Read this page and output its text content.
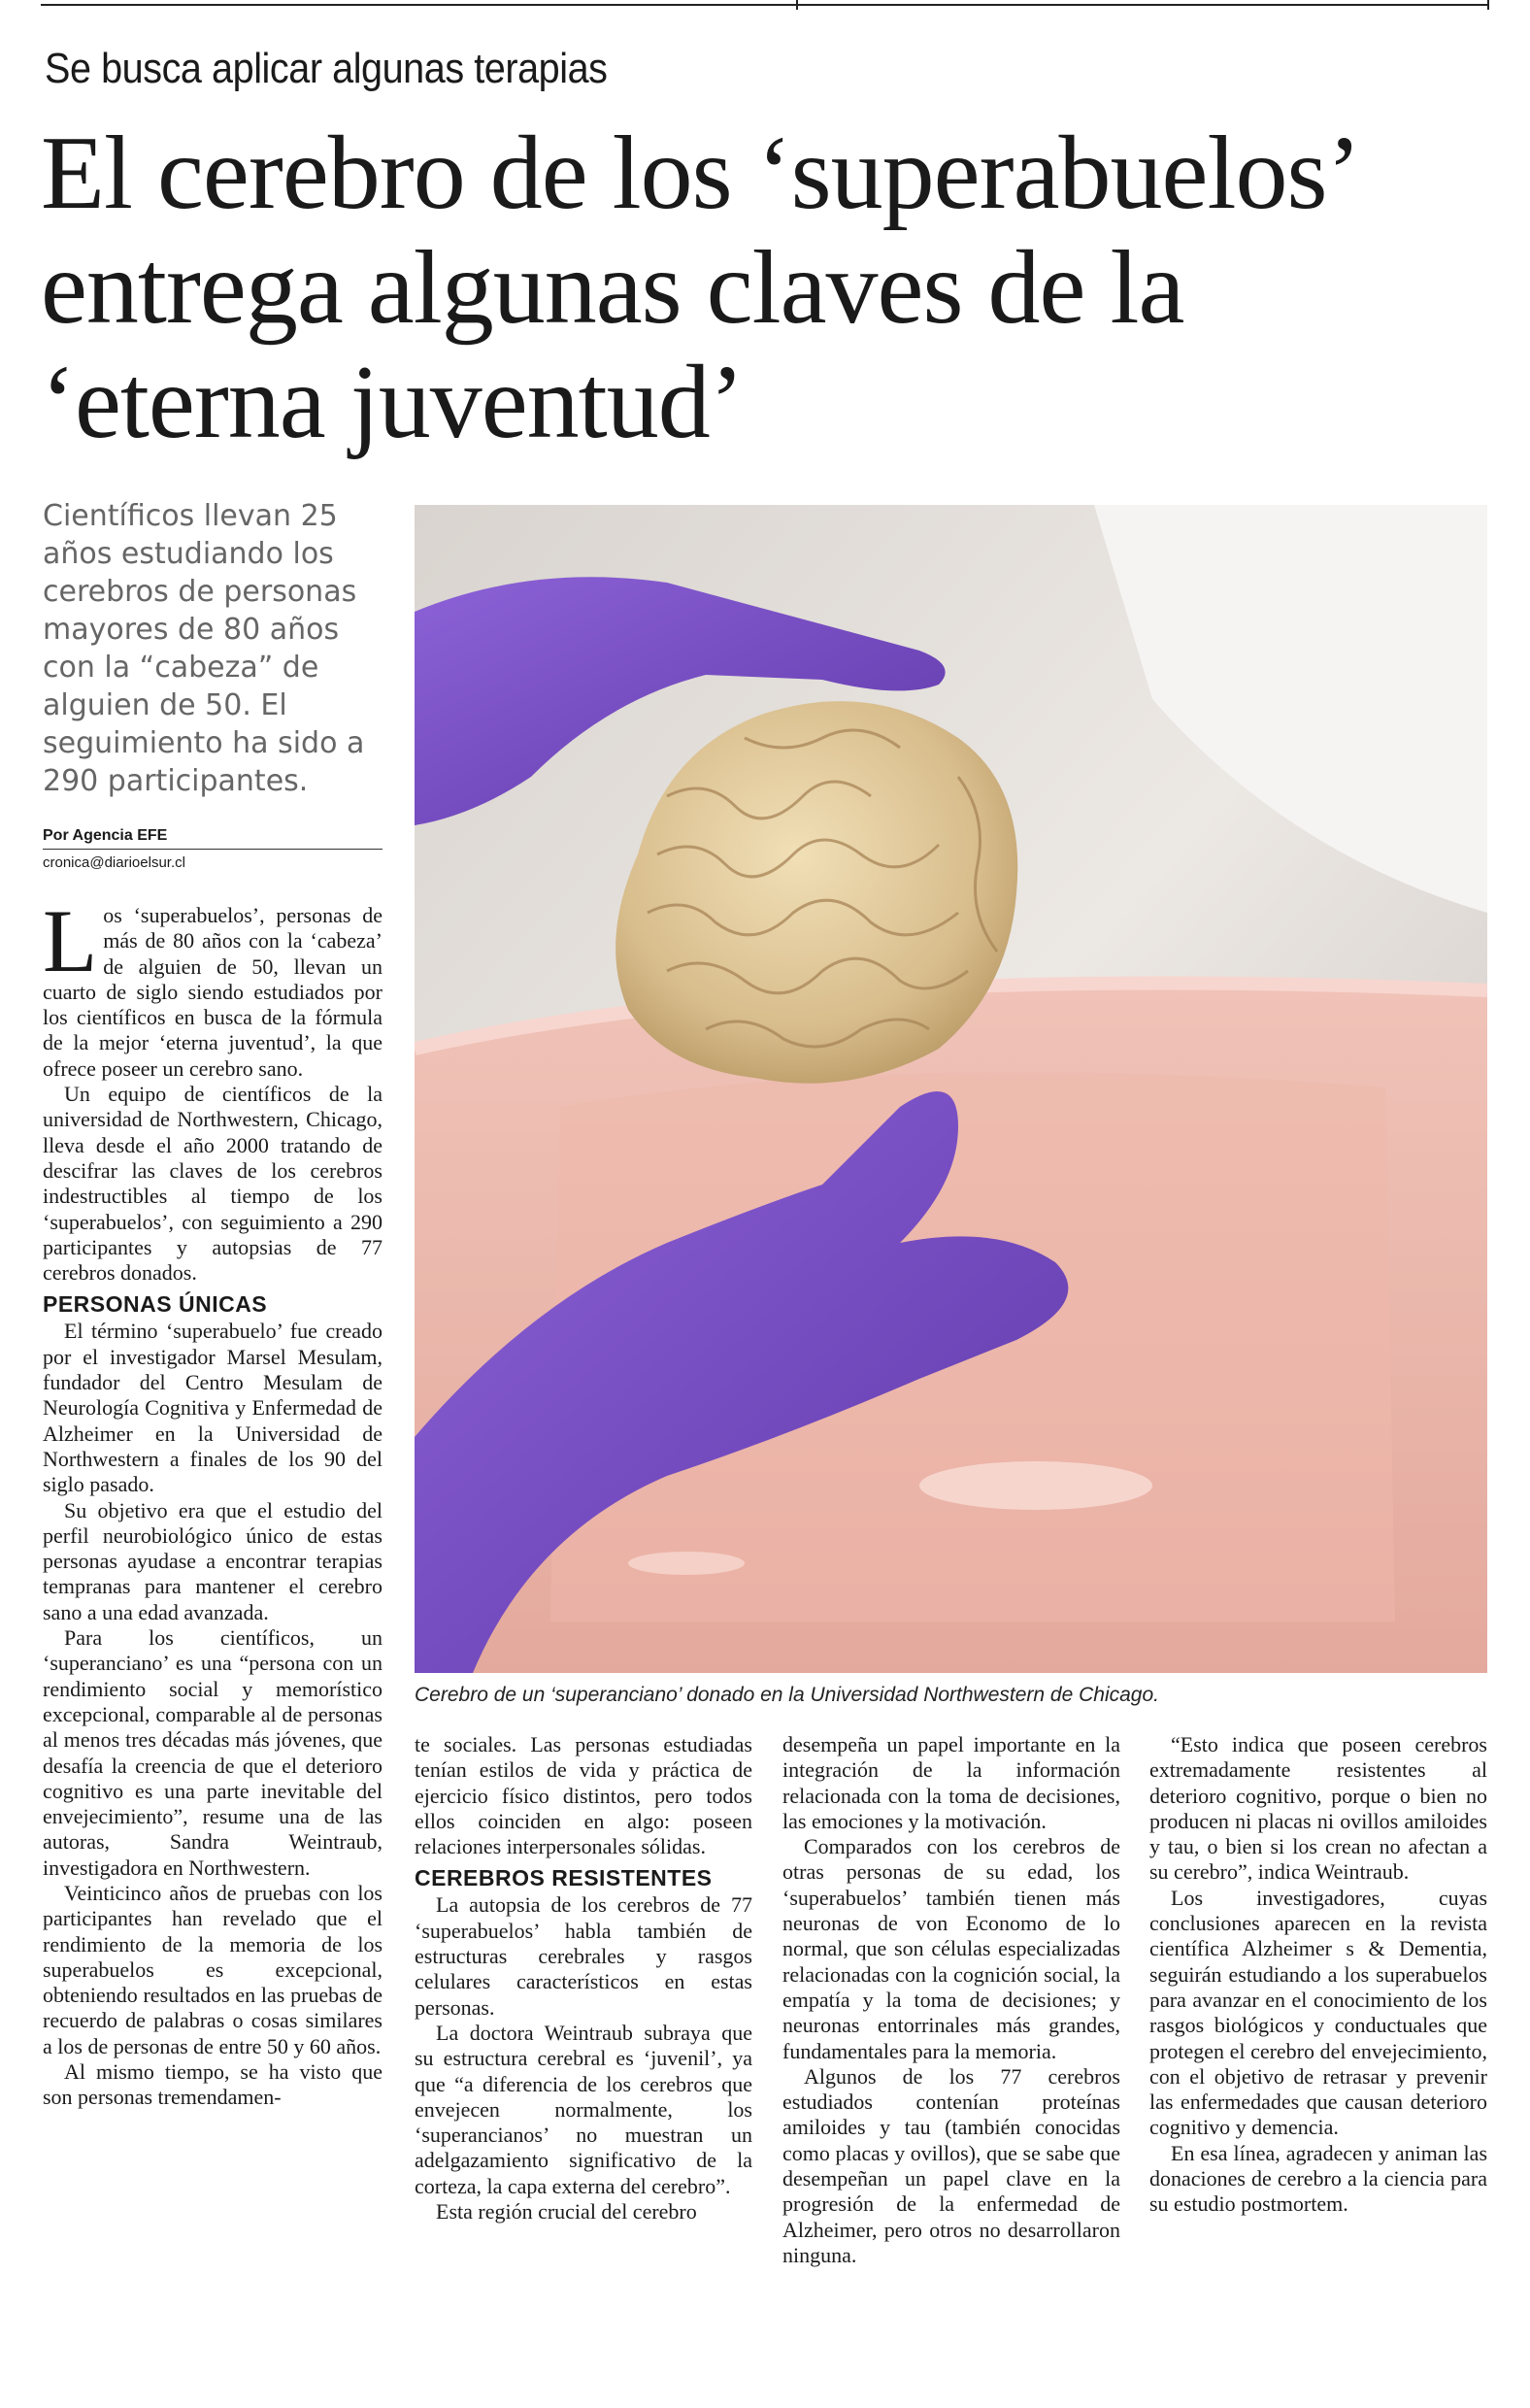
Se busca aplicar algunas terapias
El cerebro de los ‘superabuelos’
entrega algunas claves de la
‘eterna juventud’
Científicos llevan 25 años estudiando los cerebros de personas mayores de 80 años con la “cabeza” de alguien de 50. El seguimiento ha sido a 290 participantes.
Por Agencia EFE
cronica@diarioelsur.cl
Cerebro de un ‘superanciano’ donado en la Universidad Northwestern de Chicago.

Los ‘superabuelos’, personas de más de 80 años con la ‘cabeza’ de alguien de 50, llevan un cuarto de siglo siendo estudiados por los científicos en busca de la fórmula de la mejor ‘eterna juventud’, la que ofrece poseer un cerebro sano.

Un equipo de científicos de la universidad de Northwestern, Chicago, lleva desde el año 2000 tratando de descifrar las claves de los cerebros indestructibles al tiempo de los ‘superabuelos’, con seguimiento a 290 participantes y autopsias de 77 cerebros donados.

PERSONAS ÚNICAS

El término ‘superabuelo’ fue creado por el investigador Marsel Mesulam, fundador del Centro Mesulam de Neurología Cognitiva y Enfermedad de Alzheimer en la Universidad de Northwestern a finales de los 90 del siglo pasado.

Su objetivo era que el estudio del perfil neurobiológico único de estas personas ayudase a encontrar terapias tempranas para mantener el cerebro sano a una edad avanzada.

Para los científicos, un ‘superanciano’ es una “persona con un rendimiento social y memorístico excepcional, comparable al de personas al menos tres décadas más jóvenes, que desafía la creencia de que el deterioro cognitivo es una parte inevitable del envejecimiento”, resume una de las autoras, Sandra Weintraub, investigadora en Northwestern.

Veinticinco años de pruebas con los participantes han revelado que el rendimiento de la memoria de los superabuelos es excepcional, obteniendo resultados en las pruebas de recuerdo de palabras o cosas similares a los de personas de entre 50 y 60 años.

Al mismo tiempo, se ha visto que son personas tremendamen-

te sociales. Las personas estudiadas tenían estilos de vida y práctica de ejercicio físico distintos, pero todos ellos coinciden en algo: poseen relaciones interpersonales sólidas.

CEREBROS RESISTENTES

La autopsia de los cerebros de 77 ‘superabuelos’ habla también de estructuras cerebrales y rasgos celulares característicos en estas personas.

La doctora Weintraub subraya que su estructura cerebral es ‘juvenil’, ya que “a diferencia de los cerebros que envejecen normalmente, los ‘superancianos’ no muestran un adelgazamiento significativo de la corteza, la capa externa del cerebro”.

Esta región crucial del cerebro

desempeña un papel importante en la integración de la información relacionada con la toma de decisiones, las emociones y la motivación.

Comparados con los cerebros de otras personas de su edad, los ‘superabuelos’ también tienen más neuronas de von Economo de lo normal, que son células especializadas relacionadas con la cognición social, la empatía y la toma de decisiones; y neuronas entorrinales más grandes, fundamentales para la memoria.

Algunos de los 77 cerebros estudiados contenían proteínas amiloides y tau (también conocidas como placas y ovillos), que se sabe que desempeñan un papel clave en la progresión de la enfermedad de Alzheimer, pero otros no desarrollaron ninguna.

“Esto indica que poseen cerebros extremadamente resistentes al deterioro cognitivo, porque o bien no producen ni placas ni ovillos amiloides y tau, o bien si los crean no afectan a su cerebro”, indica Weintraub.

Los investigadores, cuyas conclusiones aparecen en la revista científica Alzheimer s & Dementia, seguirán estudiando a los superabuelos para avanzar en el conocimiento de los rasgos biológicos y conductuales que protegen el cerebro del envejecimiento, con el objetivo de retrasar y prevenir las enfermedades que causan deterioro cognitivo y demencia.

En esa línea, agradecen y animan las donaciones de cerebro a la ciencia para su estudio postmortem.
